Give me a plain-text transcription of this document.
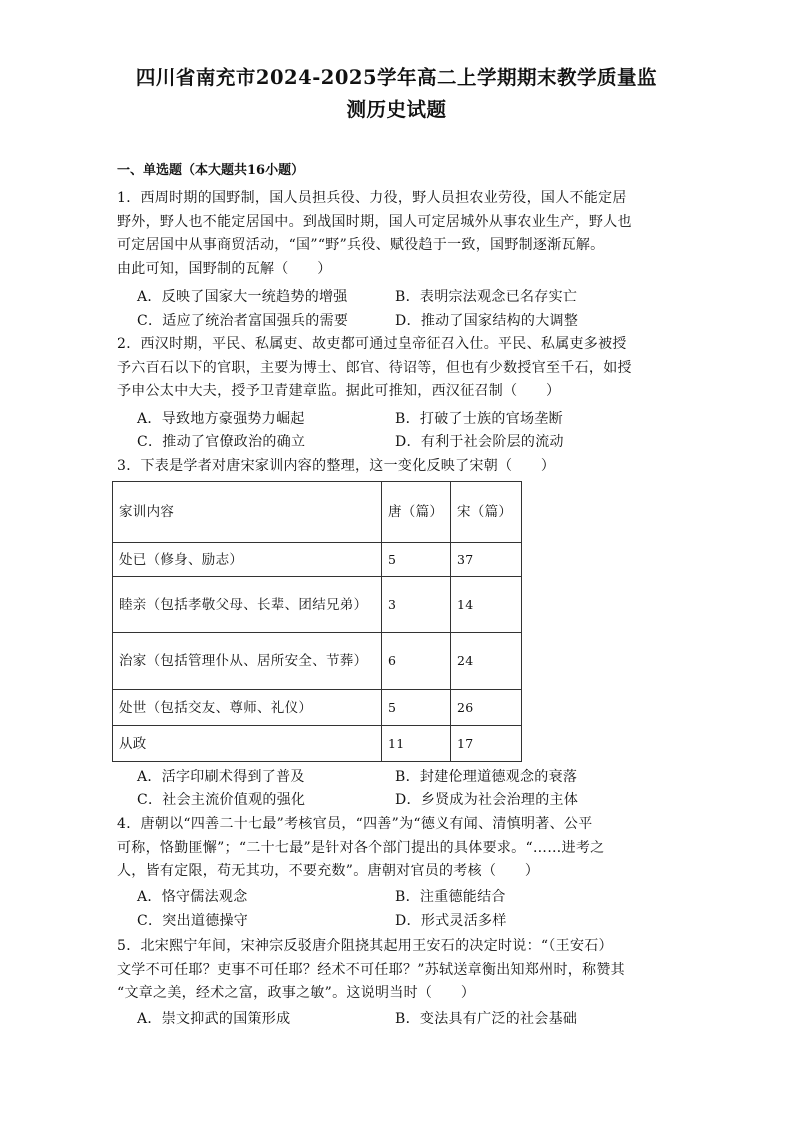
四川省南充市2024-2025学年高二上学期期末教学质量监
测历史试题
一、单选题（本大题共16小题）
1．西周时期的国野制，国人员担兵役、力役，野人员担农业劳役，国人不能定居
野外，野人也不能定居国中。到战国时期，国人可定居城外从事农业生产，野人也
可定居国中从事商贸活动，“国”“野”兵役、赋役趋于一致，国野制逐渐瓦解。
由此可知，国野制的瓦解（　　）
A．反映了国家大一统趋势的增强	B．表明宗法观念已名存实亡
C．适应了统治者富国强兵的需要	D．推动了国家结构的大调整
2．西汉时期，平民、私属吏、故吏都可通过皇帝征召入仕。平民、私属吏多被授
予六百石以下的官职，主要为博士、郎官、待诏等，但也有少数授官至千石，如授
予申公太中大夫，授予卫青建章监。据此可推知，西汉征召制（　　）
A．导致地方豪强势力崛起	B．打破了士族的官场垄断
C．推动了官僚政治的确立	D．有利于社会阶层的流动
3．下表是学者对唐宋家训内容的整理，这一变化反映了宋朝（　　）
家训内容	唐（篇）	宋（篇）
处已（修身、励志）	5	37
睦亲（包括孝敬父母、长辈、团结兄弟）	3	14
治家（包括管理仆从、居所安全、节葬）	6	24
处世（包括交友、尊师、礼仪）	5	26
从政	11	17
A．活字印刷术得到了普及	B．封建伦理道德观念的衰落
C．社会主流价值观的强化	D．乡贤成为社会治理的主体
4．唐朝以“四善二十七最”考核官员，“四善”为“德义有闻、清慎明著、公平
可称，恪勤匪懈”；“二十七最”是针对各个部门提出的具体要求。“……进考之
人，皆有定限，苟无其功，不要充数”。唐朝对官员的考核（　　）
A．恪守儒法观念	B．注重德能结合
C．突出道德操守	D．形式灵活多样
5．北宋熙宁年间，宋神宗反驳唐介阻挠其起用王安石的决定时说：“（王安石）
文学不可任耶？吏事不可任耶？经术不可任耶？”苏轼送章衡出知郑州时，称赞其
“文章之美，经术之富，政事之敏”。这说明当时（　　）
A．崇文抑武的国策形成	B．变法具有广泛的社会基础
